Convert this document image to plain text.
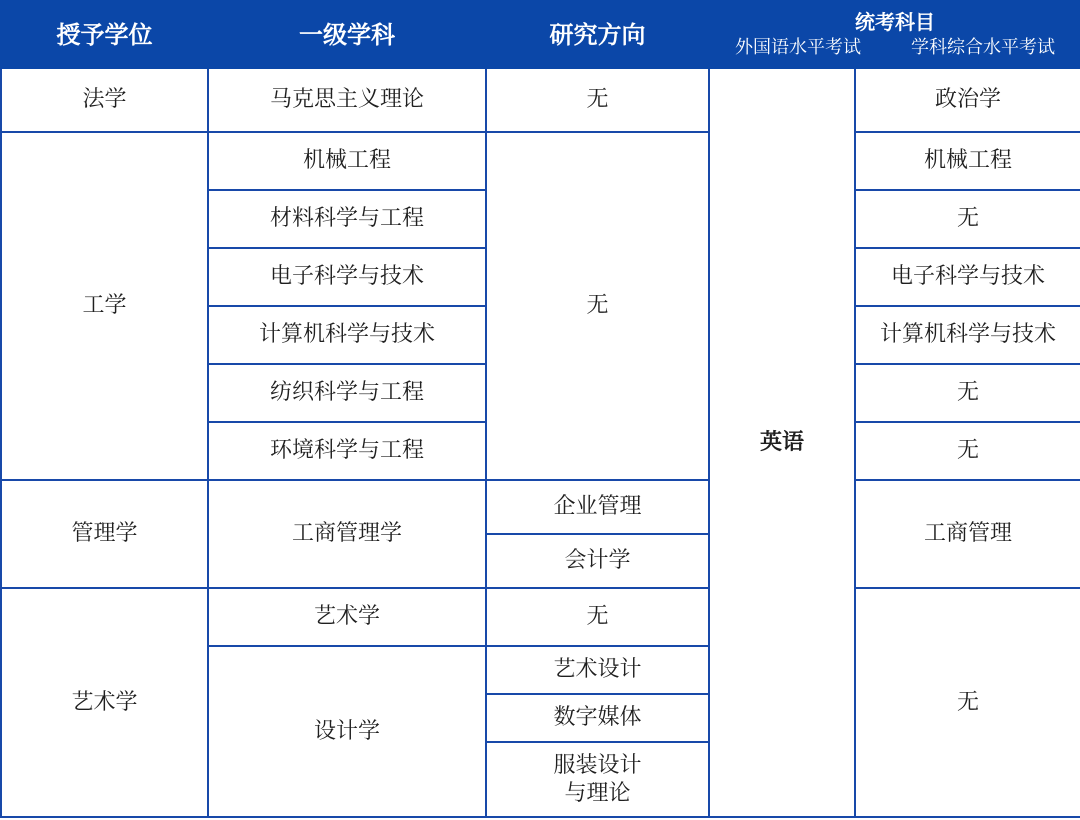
授予学位	一级学科	研究方向	统考科目
外国语水平考试 学科综合水平考试	

法学	马克思主义理论	无	英语	政治学
工学	机械工程	无		机械工程
	材料科学与工程			无
	电子科学与技术			电子科学与技术
	计算机科学与技术			计算机科学与技术
	纺织科学与工程			无
	环境科学与工程			无
管理学	工商管理学	企业管理		工商管理
		会计学		
艺术学	艺术学	无		无
	设计学	艺术设计		
		数字媒体		

		服装设计
与理论		
